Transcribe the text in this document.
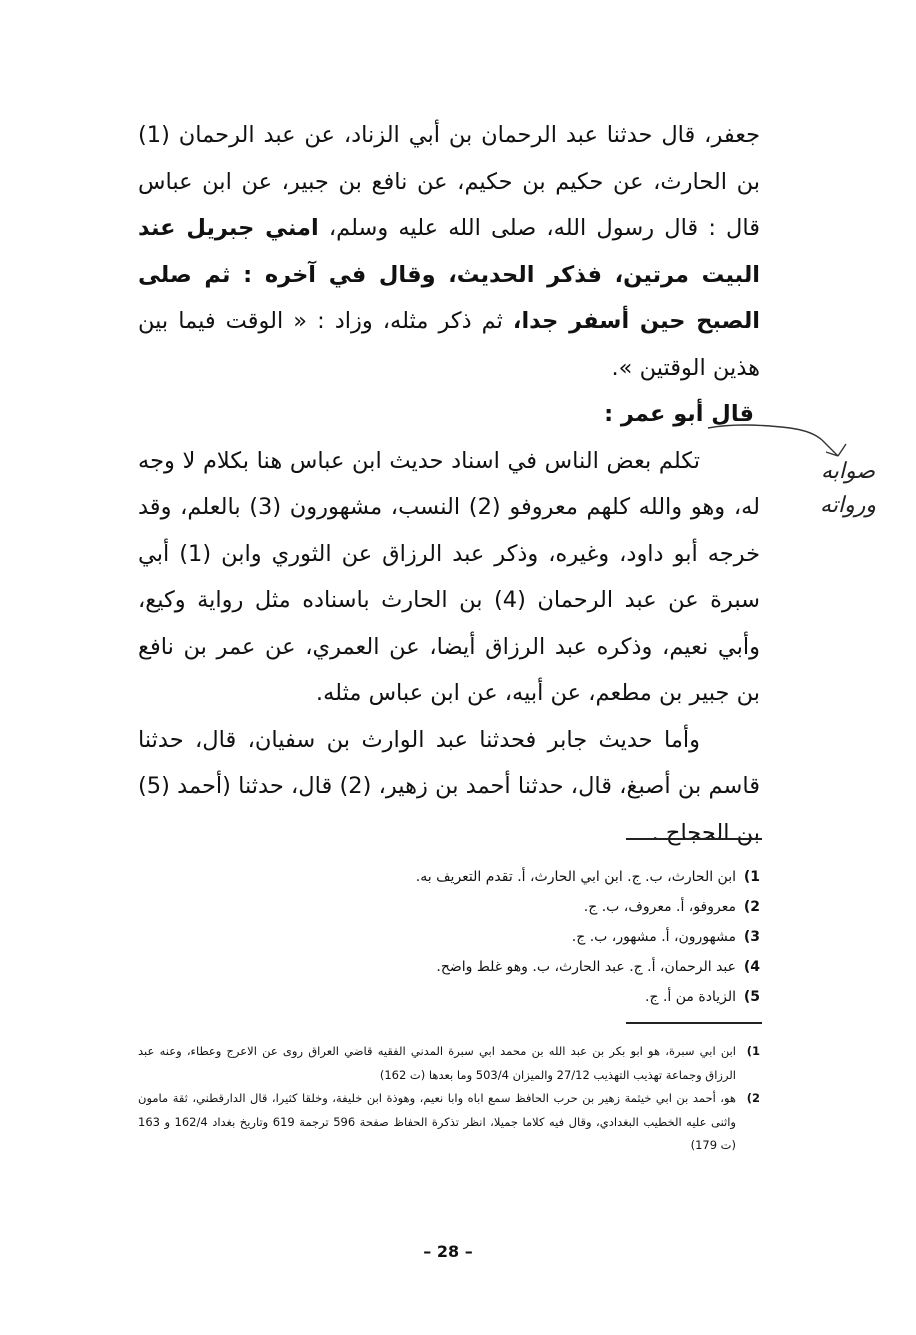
جعفر، قال حدثنا عبد الرحمان بن أبي الزناد، عن عبد الرحمان (1) بن الحارث، عن حكيم بن حكيم، عن نافع بن جبير، عن ابن عباس قال : قال رسول الله، صلى الله عليه وسلم، امني جبريل عند البيت مرتين، فذكر الحديث، وقال في آخره : ثم صلى الصبح حين أسفر جدا، ثم ذكر مثله، وزاد : « الوقت فيما بين هذين الوقتين ».

قال أبو عمر :

تكلم بعض الناس في اسناد حديث ابن عباس هنا بكلام لا وجه له، وهو والله كلهم معروفو (2) النسب، مشهورون (3) بالعلم، وقد خرجه أبو داود، وغيره، وذكر عبد الرزاق عن الثوري وابن (1) أبي سبرة عن عبد الرحمان (4) بن الحارث باسناده مثل رواية وكيع، وأبي نعيم، وذكره عبد الرزاق أيضا، عن العمري، عن عمر بن نافع بن جبير بن مطعم، عن أبيه، عن ابن عباس مثله.

وأما حديث جابر فحدثنا عبد الوارث بن سفيان، قال، حدثنا قاسم بن أصبغ، قال، حدثنا أحمد بن زهير، (2) قال، حدثنا (أحمد (5) بن الحجاج .

صوابه
ورواته
1)
ابن الحارث، ب. ج. ابن ابي الحارث، أ. تقدم التعريف به.
2)
معروفو، أ. معروف، ب. ج.
3)
مشهورون، أ. مشهور، ب. ج.
4)
عبد الرحمان، أ. ج. عبد الحارث، ب. وهو غلط واضح.
5)
الزيادة من أ. ج.
1)
ابن ابي سبرة، هو ابو بكر بن عبد الله بن محمد ابي سبرة المدني الفقيه قاضي العراق روى عن الاعرج وعطاء، وعنه عبد الرزاق وجماعة تهذيب التهذيب 27/12 والميزان 503/4 وما بعدها (ت 162)
2)
هو، أحمد بن ابي خيثمة زهير بن حرب الحافظ سمع اباه وابا نعيم، وهوذة ابن خليفة، وخلقا كثيرا، قال الدارقطني، ثقة مامون واثنى عليه الخطيب البغدادي، وقال فيه كلاما جميلا، انظر تذكرة الحفاظ صفحة 596 ترجمة 619 وتاريخ بغداد 162/4 و 163 (ت 179)
– 28 –
